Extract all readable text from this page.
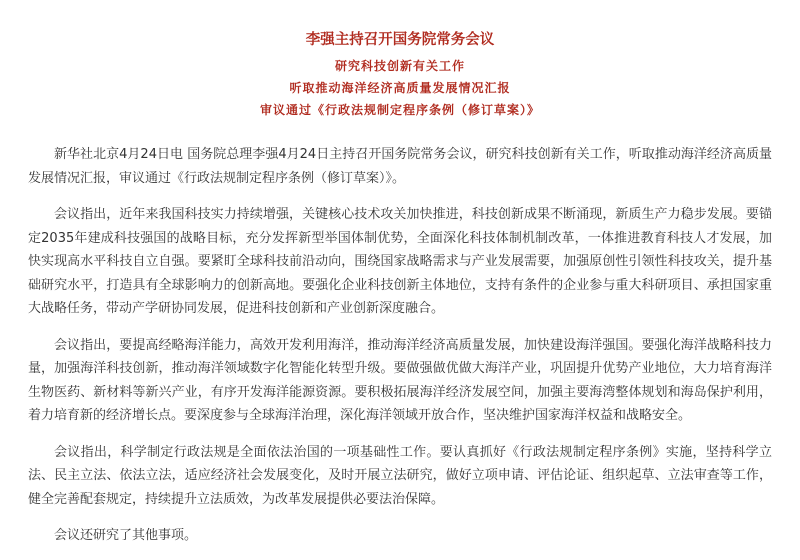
李强主持召开国务院常务会议
研究科技创新有关工作
听取推动海洋经济高质量发展情况汇报
审议通过《行政法规制定程序条例（修订草案）》

新华社北京4月24日电 国务院总理李强4月24日主持召开国务院常务会议，研究科技创新有关工作，听取推动海洋经济高质量发展情况汇报，审议通过《行政法规制定程序条例（修订草案）》。

会议指出，近年来我国科技实力持续增强，关键核心技术攻关加快推进，科技创新成果不断涌现，新质生产力稳步发展。要锚定2035年建成科技强国的战略目标，充分发挥新型举国体制优势，全面深化科技体制机制改革，一体推进教育科技人才发展，加快实现高水平科技自立自强。要紧盯全球科技前沿动向，围绕国家战略需求与产业发展需要，加强原创性引领性科技攻关，提升基础研究水平，打造具有全球影响力的创新高地。要强化企业科技创新主体地位，支持有条件的企业参与重大科研项目、承担国家重大战略任务，带动产学研协同发展，促进科技创新和产业创新深度融合。

会议指出，要提高经略海洋能力，高效开发利用海洋，推动海洋经济高质量发展，加快建设海洋强国。要强化海洋战略科技力量，加强海洋科技创新，推动海洋领域数字化智能化转型升级。要做强做优做大海洋产业，巩固提升优势产业地位，大力培育海洋生物医药、新材料等新兴产业，有序开发海洋能源资源。要积极拓展海洋经济发展空间，加强主要海湾整体规划和海岛保护利用，着力培育新的经济增长点。要深度参与全球海洋治理，深化海洋领域开放合作，坚决维护国家海洋权益和战略安全。

会议指出，科学制定行政法规是全面依法治国的一项基础性工作。要认真抓好《行政法规制定程序条例》实施，坚持科学立法、民主立法、依法立法，适应经济社会发展变化，及时开展立法研究，做好立项申请、评估论证、组织起草、立法审查等工作，健全完善配套规定，持续提升立法质效，为改革发展提供必要法治保障。

会议还研究了其他事项。
